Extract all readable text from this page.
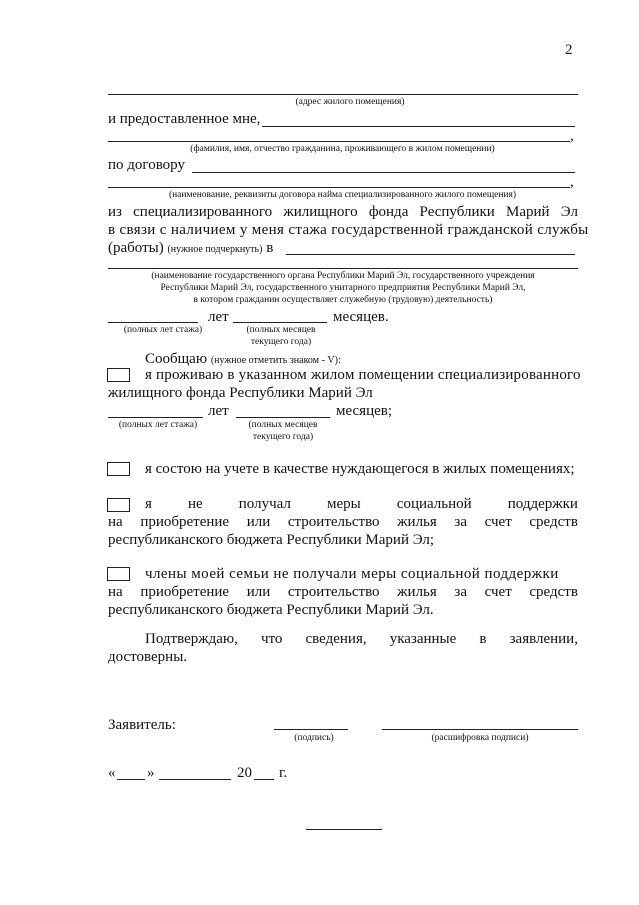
2
(адрес жилого помещения)
и предоставленное мне,
,
(фамилия, имя, отчество гражданина, проживающего в жилом помещении)
по договору
,
(наименование, реквизиты договора найма специализированного жилого помещения)
из специализированного жилищного фонда Республики Марий Эл
в связи с наличием у меня стажа государственной гражданской службы
(работы) (нужное подчеркнуть) в
(наименование государственного органа Республики Марий Эл, государственного учреждения
Республики Марий Эл, государственного унитарного предприятия Республики Марий Эл,
в котором гражданин осуществляет служебную (трудовую) деятельность)
лет	месяцев.
(полных лет стажа)	(полных месяцев
текущего года)
Сообщаю (нужное отметить знаком - V):
я проживаю в указанном жилом помещении специализированного
жилищного фонда Республики Марий Эл
лет	месяцев;
(полных лет стажа)	(полных месяцев
текущего года)
я состою на учете в качестве нуждающегося в жилых помещениях;
я не получал меры социальной поддержки
на приобретение или строительство жилья за счет средств
республиканского бюджета Республики Марий Эл;
члены моей семьи не получали меры социальной поддержки
на приобретение или строительство жилья за счет средств
республиканского бюджета Республики Марий Эл.
Подтверждаю, что сведения, указанные в заявлении,
достоверны.
Заявитель:
(подпись)	(расшифровка подписи)
« »	20 г.
